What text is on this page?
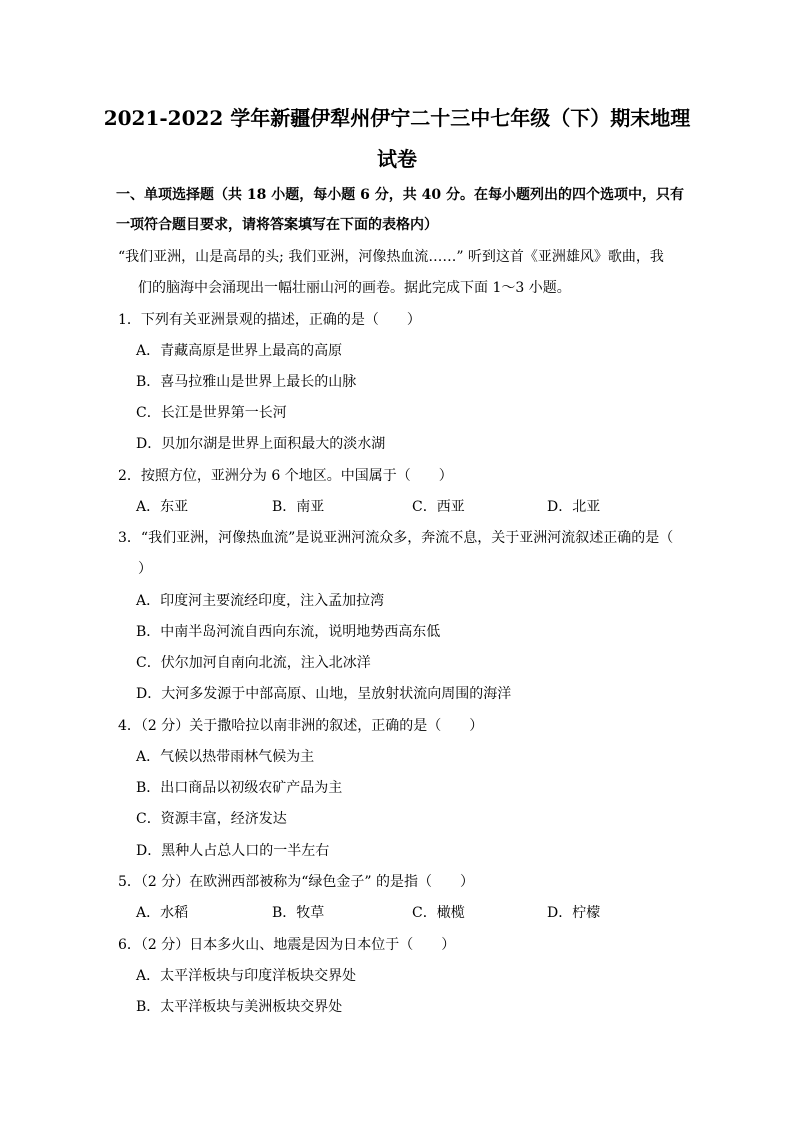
2021-2022 学年新疆伊犁州伊宁二十三中七年级（下）期末地理
试卷
一、单项选择题（共 18 小题，每小题 6 分，共 40 分。在每小题列出的四个选项中，只有
一项符合题目要求，请将答案填写在下面的表格内）
“我们亚洲，山是高昂的头; 我们亚洲，河像热血流……” 听到这首《亚洲雄风》歌曲，我
们的脑海中会涌现出一幅壮丽山河的画卷。据此完成下面 1～3 小题。
1．下列有关亚洲景观的描述，正确的是（　　）
A．青藏高原是世界上最高的高原
B．喜马拉雅山是世界上最长的山脉
C．长江是世界第一长河
D．贝加尔湖是世界上面积最大的淡水湖
2．按照方位，亚洲分为 6 个地区。中国属于（　　）
A．东亚	B．南亚	C．西亚	D．北亚
3．“我们亚洲，河像热血流”是说亚洲河流众多，奔流不息，关于亚洲河流叙述正确的是（
）
A．印度河主要流经印度，注入孟加拉湾
B．中南半岛河流自西向东流，说明地势西高东低
C．伏尔加河自南向北流，注入北冰洋
D．大河多发源于中部高原、山地，呈放射状流向周围的海洋
4．（2 分）关于撒哈拉以南非洲的叙述，正确的是（　　）
A．气候以热带雨林气候为主
B．出口商品以初级农矿产品为主
C．资源丰富，经济发达
D．黑种人占总人口的一半左右
5．（2 分）在欧洲西部被称为“绿色金子” 的是指（　　）
A．水稻	B．牧草	C．橄榄	D．柠檬
6．（2 分）日本多火山、地震是因为日本位于（　　）
A．太平洋板块与印度洋板块交界处
B．太平洋板块与美洲板块交界处
